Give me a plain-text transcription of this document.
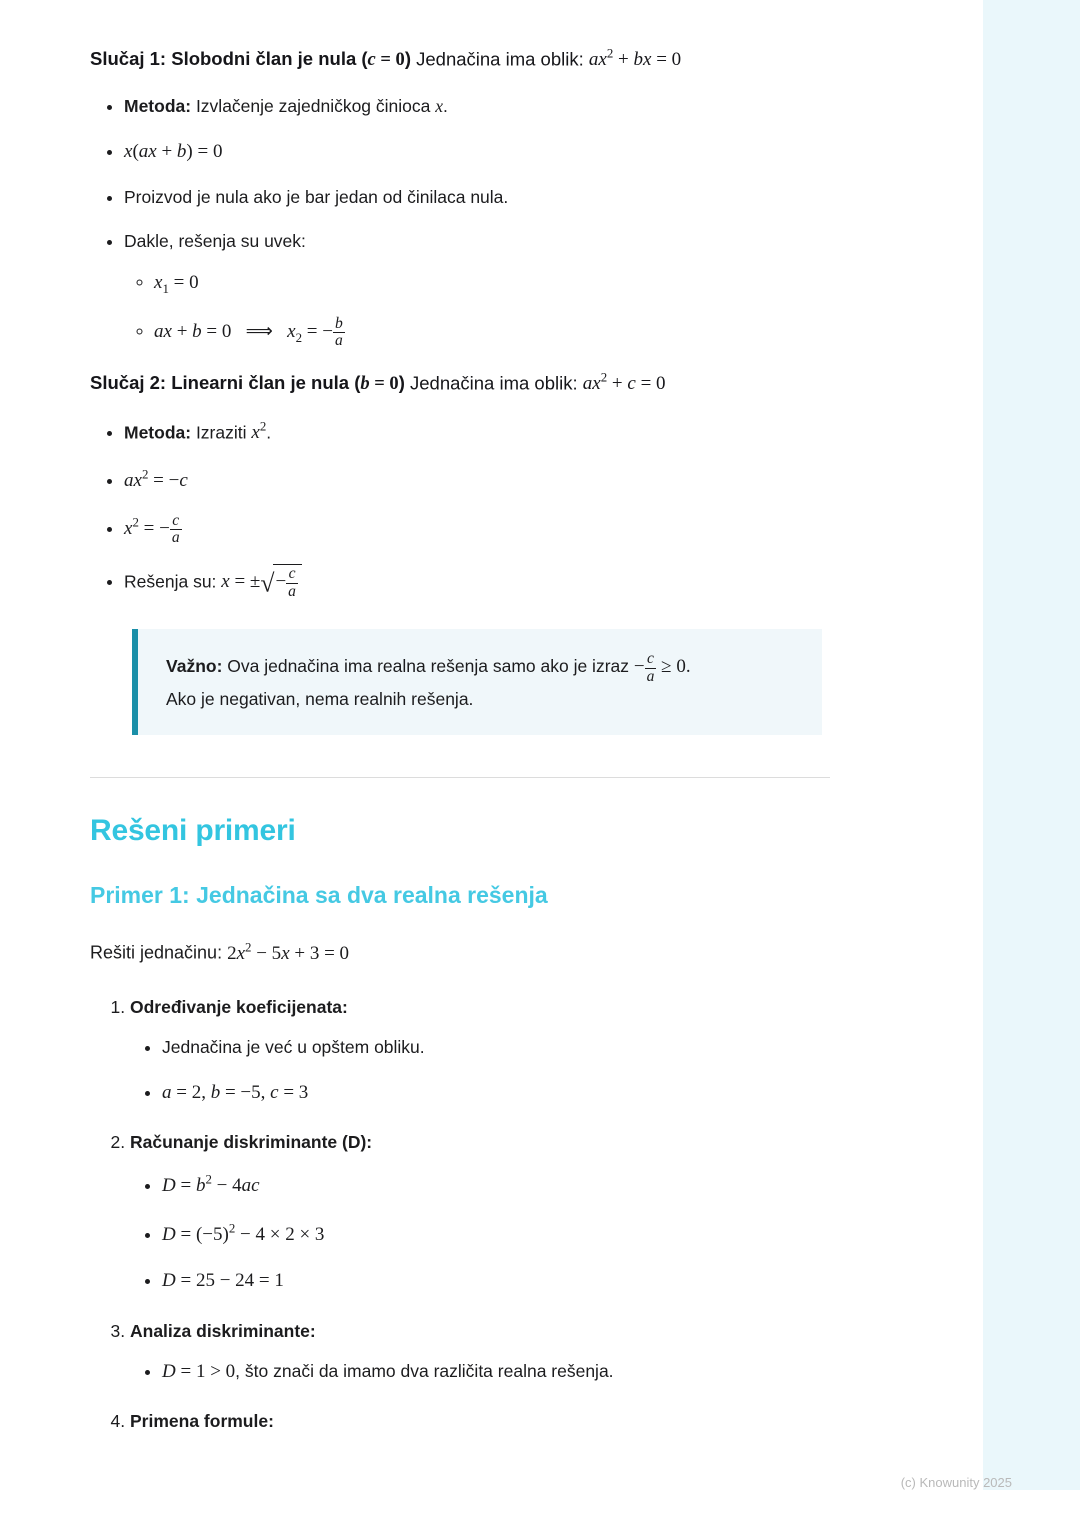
Slučaj 1: Slobodni član je nula (c = 0) Jednačina ima oblik: $ax^2$ + bx = 0

• Metoda: Izvlačenje zajedničkog činioca x.
• x(ax + b) = 0
• Proizvod je nula ako je bar jedan od činilaca nula.
• Dakle, rešenja su uvek:
◦ $x_1 = 0$
◦ ax + b = 0   ⟹   $x_2$ = − $\frac{b}{a}$

Slučaj 2: Linearni član je nula (b = 0) Jednačina ima oblik: $ax^2 + c = 0$

• Metoda: Izraziti $x^2$.
• $ax^2 = -c$
• $x^2$ = − $\frac{c}{a}$
• Rešenja su: x = ±√− $\frac{c}{a}$
Važno: Ova jednačina ima realna rešenja samo ako je izraz − $\frac{c}{a} \ge 0$.
Ako je negativan, nema realnih rešenja.
Rešeni primeri
Primer 1: Jednačina sa dva realna rešenja

Rešiti jednačinu: $2x^2 - 5x + 3 = 0$

1. Određivanje koeficijenata:
• Jednačina je već u opštem obliku.
• a = 2, b = −5, c = 3
2. Računanje diskriminante (D):
• $D = b^2 - 4ac$
• $D = (-5)^2 - 4 \times 2 \times 3$
• D = 25 − 24 = 1
3. Analiza diskriminante:
• D = 1 > 0, što znači da imamo dva različita realna rešenja.
4. Primena formule:
(c) Knowunity 2025
